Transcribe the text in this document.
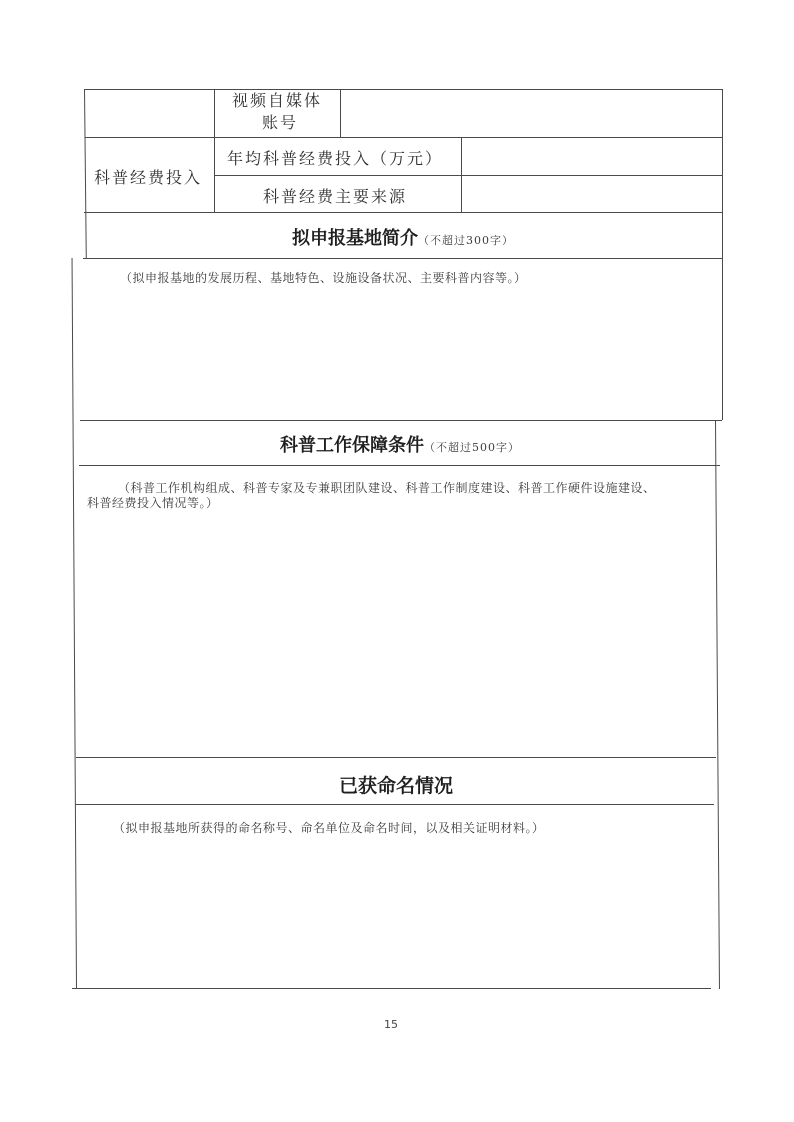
视频自媒体
账号
科普经费投入
年均科普经费投入（万元）
科普经费主要来源
拟申报基地简介（不超过300字）
（拟申报基地的发展历程、基地特色、设施设备状况、主要科普内容等。）
科普工作保障条件（不超过500字）
（科普工作机构组成、科普专家及专兼职团队建设、科普工作制度建设、科普工作硬件设施建设、
科普经费投入情况等。）
已获命名情况
（拟申报基地所获得的命名称号、命名单位及命名时间，以及相关证明材料。）
15
